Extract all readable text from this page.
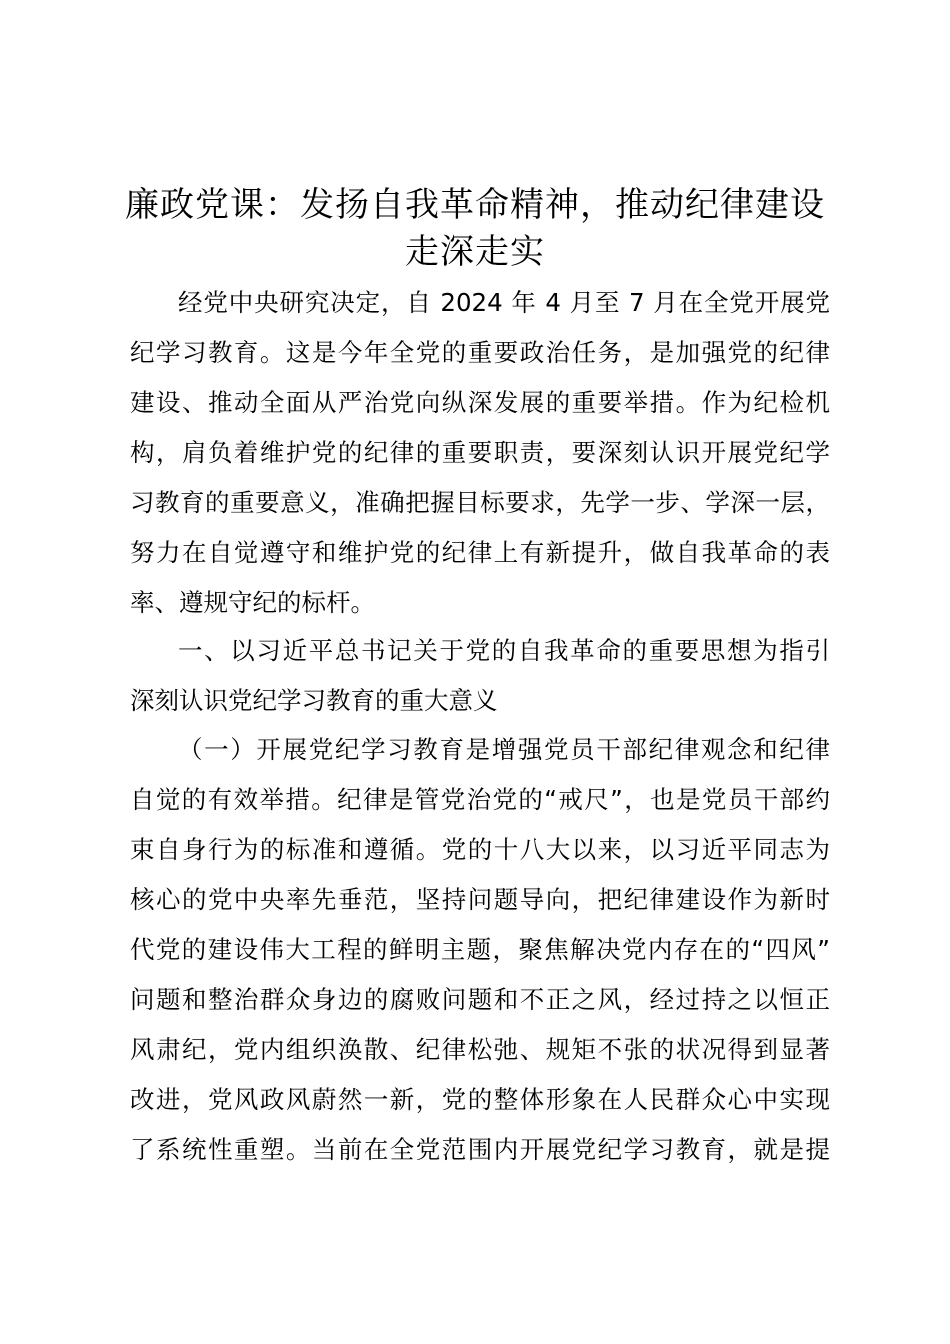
廉政党课：发扬自我革命精神，推动纪律建设
走深走实
经党中央研究决定，自 2024 年 4 月至 7 月在全党开展党
纪学习教育。这是今年全党的重要政治任务，是加强党的纪律
建设、推动全面从严治党向纵深发展的重要举措。作为纪检机
构，肩负着维护党的纪律的重要职责，要深刻认识开展党纪学
习教育的重要意义，准确把握目标要求，先学一步、学深一层，
努力在自觉遵守和维护党的纪律上有新提升，做自我革命的表
率、遵规守纪的标杆。
一、以习近平总书记关于党的自我革命的重要思想为指引
深刻认识党纪学习教育的重大意义
（一）开展党纪学习教育是增强党员干部纪律观念和纪律
自觉的有效举措。纪律是管党治党的“戒尺”，也是党员干部约
束自身行为的标准和遵循。党的十八大以来，以习近平同志为
核心的党中央率先垂范，坚持问题导向，把纪律建设作为新时
代党的建设伟大工程的鲜明主题，聚焦解决党内存在的“四风”
问题和整治群众身边的腐败问题和不正之风，经过持之以恒正
风肃纪，党内组织涣散、纪律松弛、规矩不张的状况得到显著
改进，党风政风蔚然一新，党的整体形象在人民群众心中实现
了系统性重塑。当前在全党范围内开展党纪学习教育，就是提
